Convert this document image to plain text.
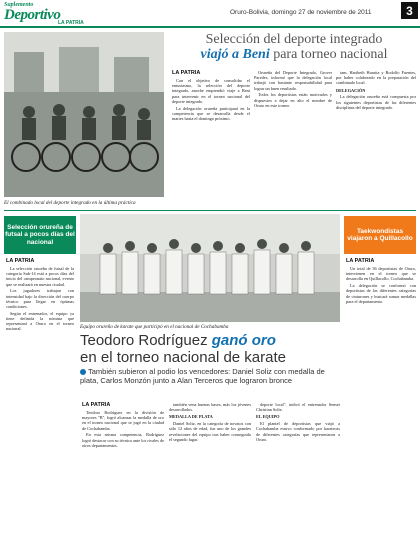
Suplemento
Deportivo
LA PATRIA
Oruro-Bolivia, domingo 27 de noviembre de 2011	3
El combinado local del deporte integrado en la última práctica
Selección del deporte integrado
viajó a Beni para torneo nacional
LA PATRIA

Con el objetivo de consolidar el entusiasmo, la selección del deporte integrado, anoche emprendió viaje a Beni para intervenir en el torneo nacional del deporte integrado.

La delegación orureña participará en la competencia que se desarrolla desde el martes hasta el domingo próximo.

Orureña del Deporte Integrado, Grover Paredes, informó que la delegación local trabajó con bastante responsabilidad para lograr un buen resultado.

Todos los deportistas están motivados y dispuestos a dejar en alto el nombre de Oruro en este torneo.

tam, Haribeth Huarita y Rodolfo Fuentes, por haber colaborado en la preparación del combinado local.

DELEGACIÓN

La delegación orureña está compuesta por los siguientes deportistas de las diferentes disciplinas del deporte integrado.

Selección orureña de futsal a pocos días del nacional
LA PATRIA

La selección orureña de futsal de la categoría Sub-14 está a pocos días del inicio del campeonato nacional, evento que se realizará en nuestra ciudad.

Los jugadores trabajan con intensidad bajo la dirección del cuerpo técnico para llegar en óptimas condiciones.

Según el entrenador, el equipo ya tiene definida la nómina que representará a Oruro en el torneo nacional.

Taekwondistas viajaron a Quillacollo
LA PATRIA

Un total de 36 deportistas de Oruro, intervienen en el torneo que se desarrolla en Quillacollo, Cochabamba.

La delegación se conformó con deportistas de las diferentes categorías de cinturones y buscará sumar medallas para el departamento.

Equipo orureño de karate que participó en el nacional de Cochabamba
Teodoro Rodríguez ganó oro
en el torneo nacional de karate
También subieron al podio los vencedores: Daniel Soliz con medalla de plata, Carlos Monzón junto a Alan Terceros que lograron bronce
LA PATRIA

Teodoro Rodríguez en la división de mayores "B", logró alcanzar la medalla de oro en el torneo nacional que se jugó en la ciudad de Cochabamba.

En esta misma competencia, Rodríguez logró destacar con su técnica ante los rivales de otros departamentos.

también vena buenas bases, más los jóvenes desarrollados.

MEDALLA DE PLATA

Daniel Soliz, en la categoría de novatos con sólo 12 años de edad, fue uno de los grandes revelaciones del equipo tras haber conseguido el segundo lugar.

deporte local", indicó el entrenador Sensei Christian Soliz.

EL EQUIPO

El plantel de deportistas que viajó a Cochabamba estuvo conformado por karatecas de diferentes categorías que representaron a Oruro.
